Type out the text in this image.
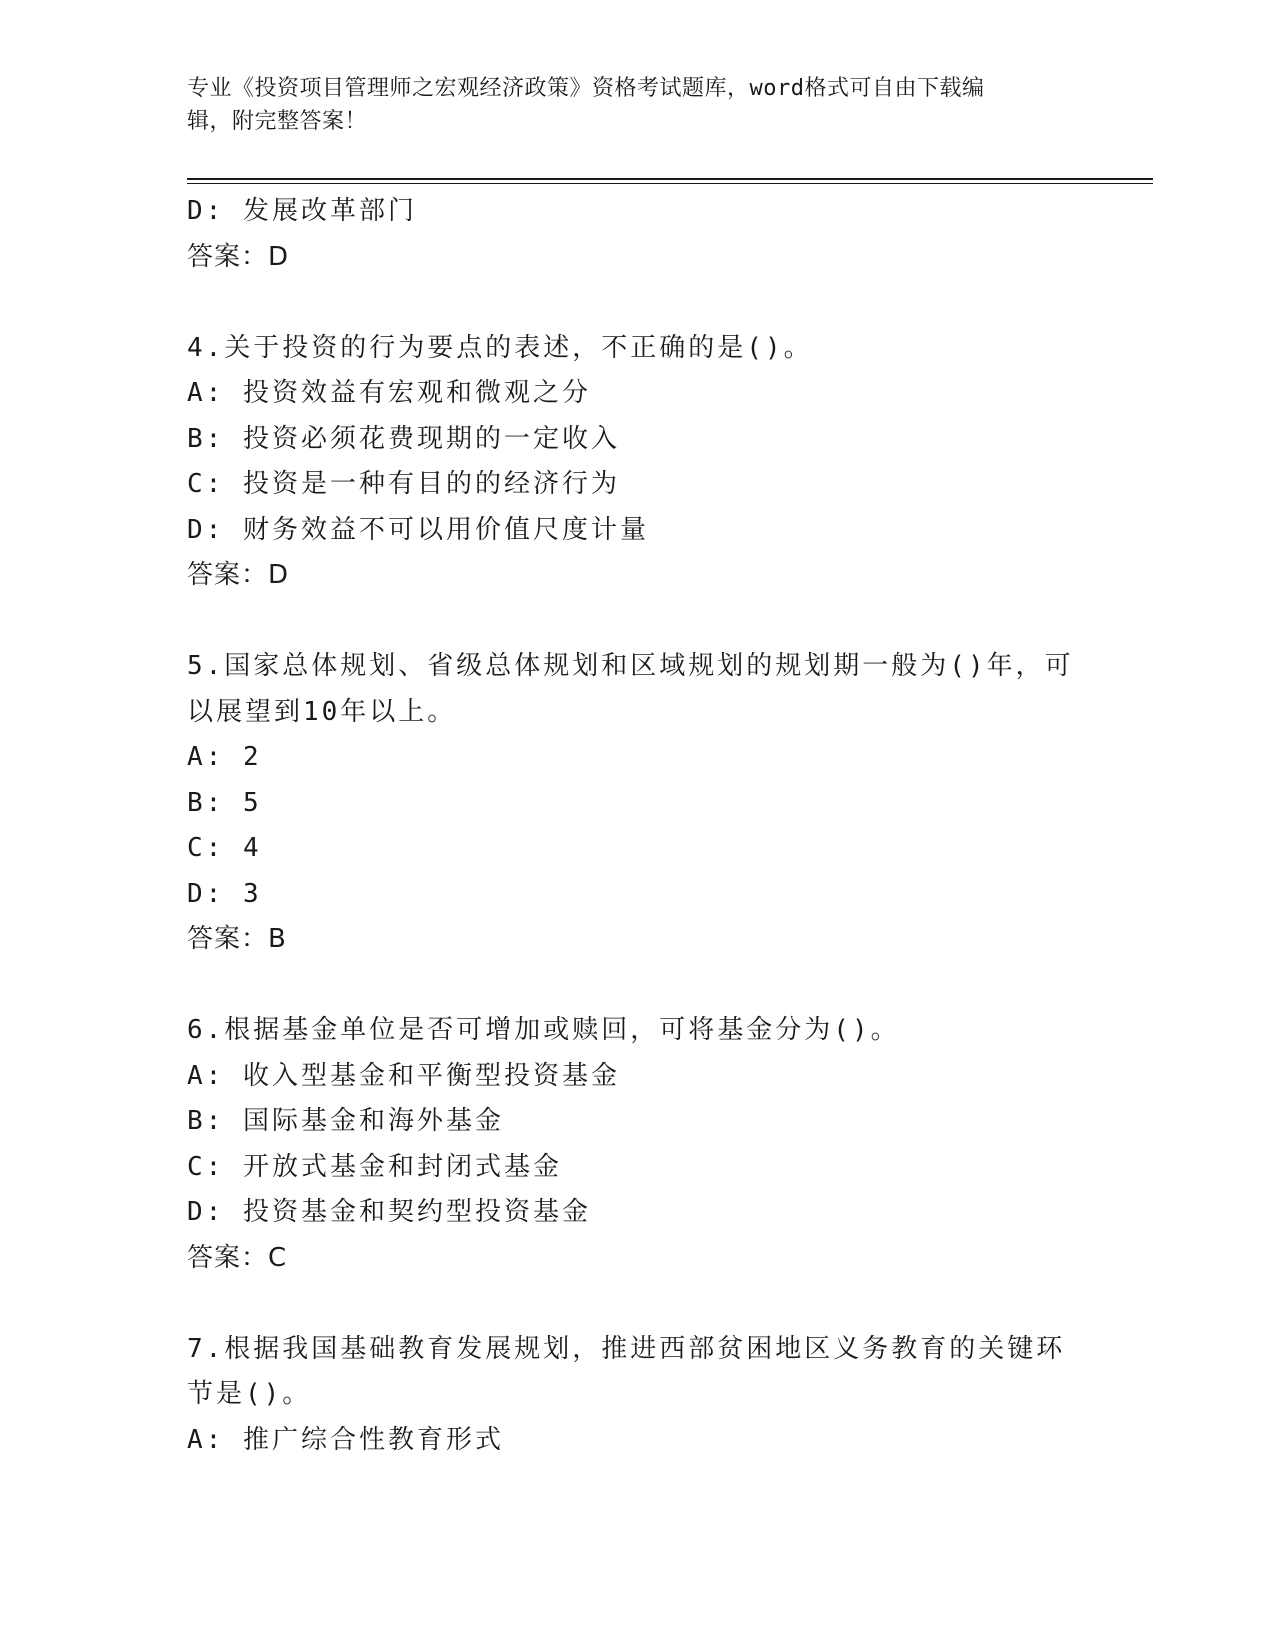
专业《投资项目管理师之宏观经济政策》资格考试题库，word格式可自由下载编
辑，附完整答案！
D: 发展改革部门
答案：D
4.关于投资的行为要点的表述，不正确的是()。
A: 投资效益有宏观和微观之分
B: 投资必须花费现期的一定收入
C: 投资是一种有目的的经济行为
D: 财务效益不可以用价值尺度计量
答案：D
5.国家总体规划、省级总体规划和区域规划的规划期一般为()年，可
以展望到10年以上。
A: 2
B: 5
C: 4
D: 3
答案：B
6.根据基金单位是否可增加或赎回，可将基金分为()。
A: 收入型基金和平衡型投资基金
B: 国际基金和海外基金
C: 开放式基金和封闭式基金
D: 投资基金和契约型投资基金
答案：C
7.根据我国基础教育发展规划，推进西部贫困地区义务教育的关键环
节是()。
A: 推广综合性教育形式
